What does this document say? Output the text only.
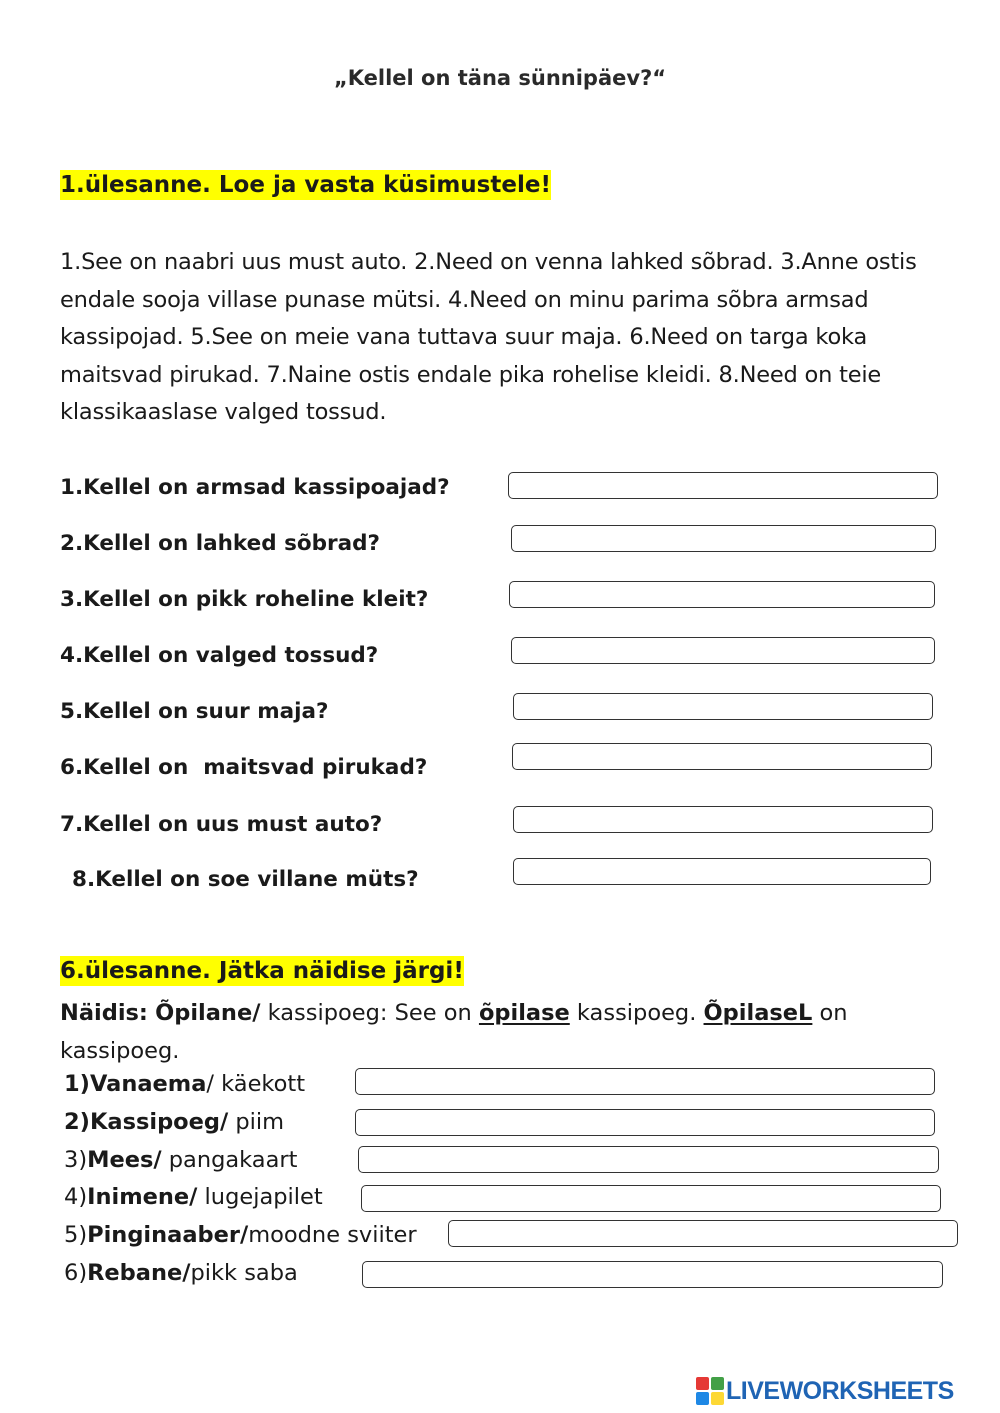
„Kellel on täna sünnipäev?“
1.ülesanne. Loe ja vasta küsimustele!
1.See on naabri uus must auto. 2.Need on venna lahked sõbrad. 3.Anne ostis endale sooja villase punase mütsi. 4.Need on minu parima sõbra armsad kassipojad. 5.See on meie vana tuttava suur maja. 6.Need on targa koka maitsvad pirukad. 7.Naine ostis endale pika rohelise kleidi. 8.Need on teie klassikaaslase valged tossud.
1.Kellel on armsad kassipoajad?
2.Kellel on lahked sõbrad?
3.Kellel on pikk roheline kleit?
4.Kellel on valged tossud?
5.Kellel on suur maja?
6.Kellel on  maitsvad pirukad?
7.Kellel on uus must auto?
8.Kellel on soe villane müts?
6.ülesanne. Jätka näidise järgi!
Näidis: Õpilane/ kassipoeg: See on õpilase kassipoeg. ÕpilaseL on kassipoeg.
1)Vanaema/ käekott
2)Kassipoeg/ piim
3)Mees/ pangakaart
4)Inimene/ lugejapilet
5)Pinginaaber/moodne sviiter
6)Rebane/pikk saba
LIVEWORKSHEETS
